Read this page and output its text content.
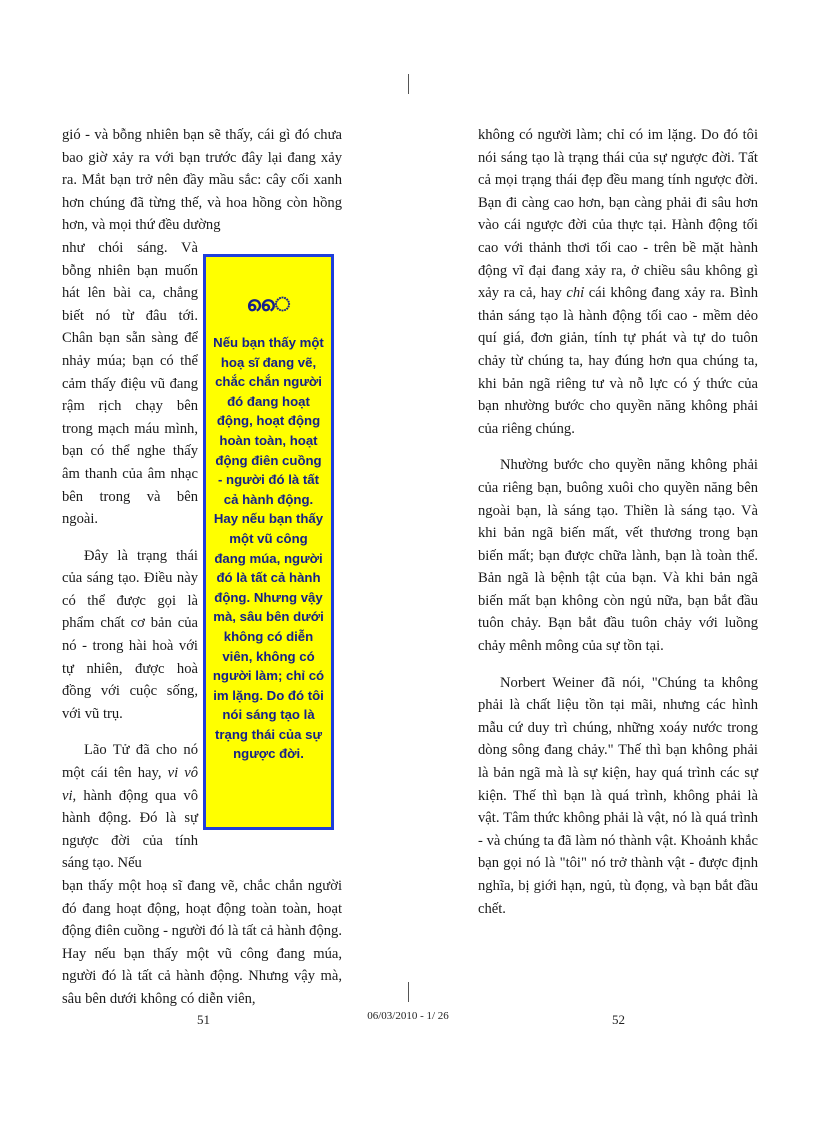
gió - và bỗng nhiên bạn sẽ thấy, cái gì đó chưa bao giờ xảy ra với bạn trước đây lại đang xảy ra. Mắt bạn trở nên đầy mầu sắc: cây cối xanh hơn chúng đã từng thế, và hoa hồng còn hồng hơn, và mọi thứ đều dường

như chói sáng. Và bỗng nhiên bạn muốn hát lên bài ca, chẳng biết nó từ đâu tới. Chân bạn sẵn sàng để nhảy múa; bạn có thể cảm thấy điệu vũ đang rậm rịch chạy bên trong mạch máu mình, bạn có thể nghe thấy âm thanh của âm nhạc bên trong và bên ngoài.

Đây là trạng thái của sáng tạo. Điều này có thể được gọi là phẩm chất cơ bản của nó - trong hài hoà với tự nhiên, được hoà đồng với cuộc sống, với vũ trụ.

Lão Tử đã cho nó một cái tên hay, vi vô vi, hành động qua vô hành động. Đó là sự ngược đời của tính sáng tạo. Nếu

bạn thấy một hoạ sĩ đang vẽ, chắc chắn người đó đang hoạt động, hoạt động toàn toàn, hoạt động điên cuồng - người đó là tất cả hành động. Hay nếu bạn thấy một vũ công đang múa, người đó là tất cả hành động. Nhưng vậy mà, sâu bên dưới không có diễn viên,

ൈ
Nếu bạn thấy một hoạ sĩ đang vẽ, chắc chắn người đó đang hoạt động, hoạt động hoàn toàn, hoạt động điên cuồng - người đó là tất cả hành động. Hay nếu bạn thấy một vũ công đang múa, người đó là tất cả hành động. Nhưng vậy mà, sâu bên dưới không có diễn viên, không có người làm; chỉ có im lặng. Do đó tôi nói sáng tạo là trạng thái của sự ngược đời.

không có người làm; chỉ có im lặng. Do đó tôi nói sáng tạo là trạng thái của sự ngược đời. Tất cả mọi trạng thái đẹp đều mang tính ngược đời. Bạn đi càng cao hơn, bạn càng phải đi sâu hơn vào cái ngược đời của thực tại. Hành động tối cao với thảnh thơi tối cao - trên bề mặt hành động vĩ đại đang xảy ra, ở chiều sâu không gì xảy ra cả, hay chỉ cái không đang xảy ra. Bình thản sáng tạo là hành động tối cao - mềm dẻo quí giá, đơn giản, tính tự phát và tự do tuôn chảy từ chúng ta, hay đúng hơn qua chúng ta, khi bản ngã riêng tư và nỗ lực có ý thức của bạn nhường bước cho quyền năng không phải của riêng chúng.

Nhường bước cho quyền năng không phải của riêng bạn, buông xuôi cho quyền năng bên ngoài bạn, là sáng tạo. Thiền là sáng tạo. Và khi bản ngã biến mất, vết thương trong bạn biến mất; bạn được chữa lành, bạn là toàn thể. Bản ngã là bệnh tật của bạn. Và khi bản ngã biến mất bạn không còn ngủ nữa, bạn bắt đầu tuôn chảy. Bạn bắt đầu tuôn chảy với luồng chảy mênh mông của sự tồn tại.

Norbert Weiner đã nói, "Chúng ta không phải là chất liệu tồn tại mãi, nhưng các hình mẫu cứ duy trì chúng, những xoáy nước trong dòng sông đang chảy." Thế thì bạn không phải là bản ngã mà là sự kiện, hay quá trình các sự kiện. Thế thì bạn là quá trình, không phải là vật. Tâm thức không phải là vật, nó là quá trình - và chúng ta đã làm nó thành vật. Khoảnh khắc bạn gọi nó là "tôi" nó trở thành vật - được định nghĩa, bị giới hạn, ngủ, tù đọng, và bạn bắt đầu chết.

51	06/03/2010 - 1/ 26	52
